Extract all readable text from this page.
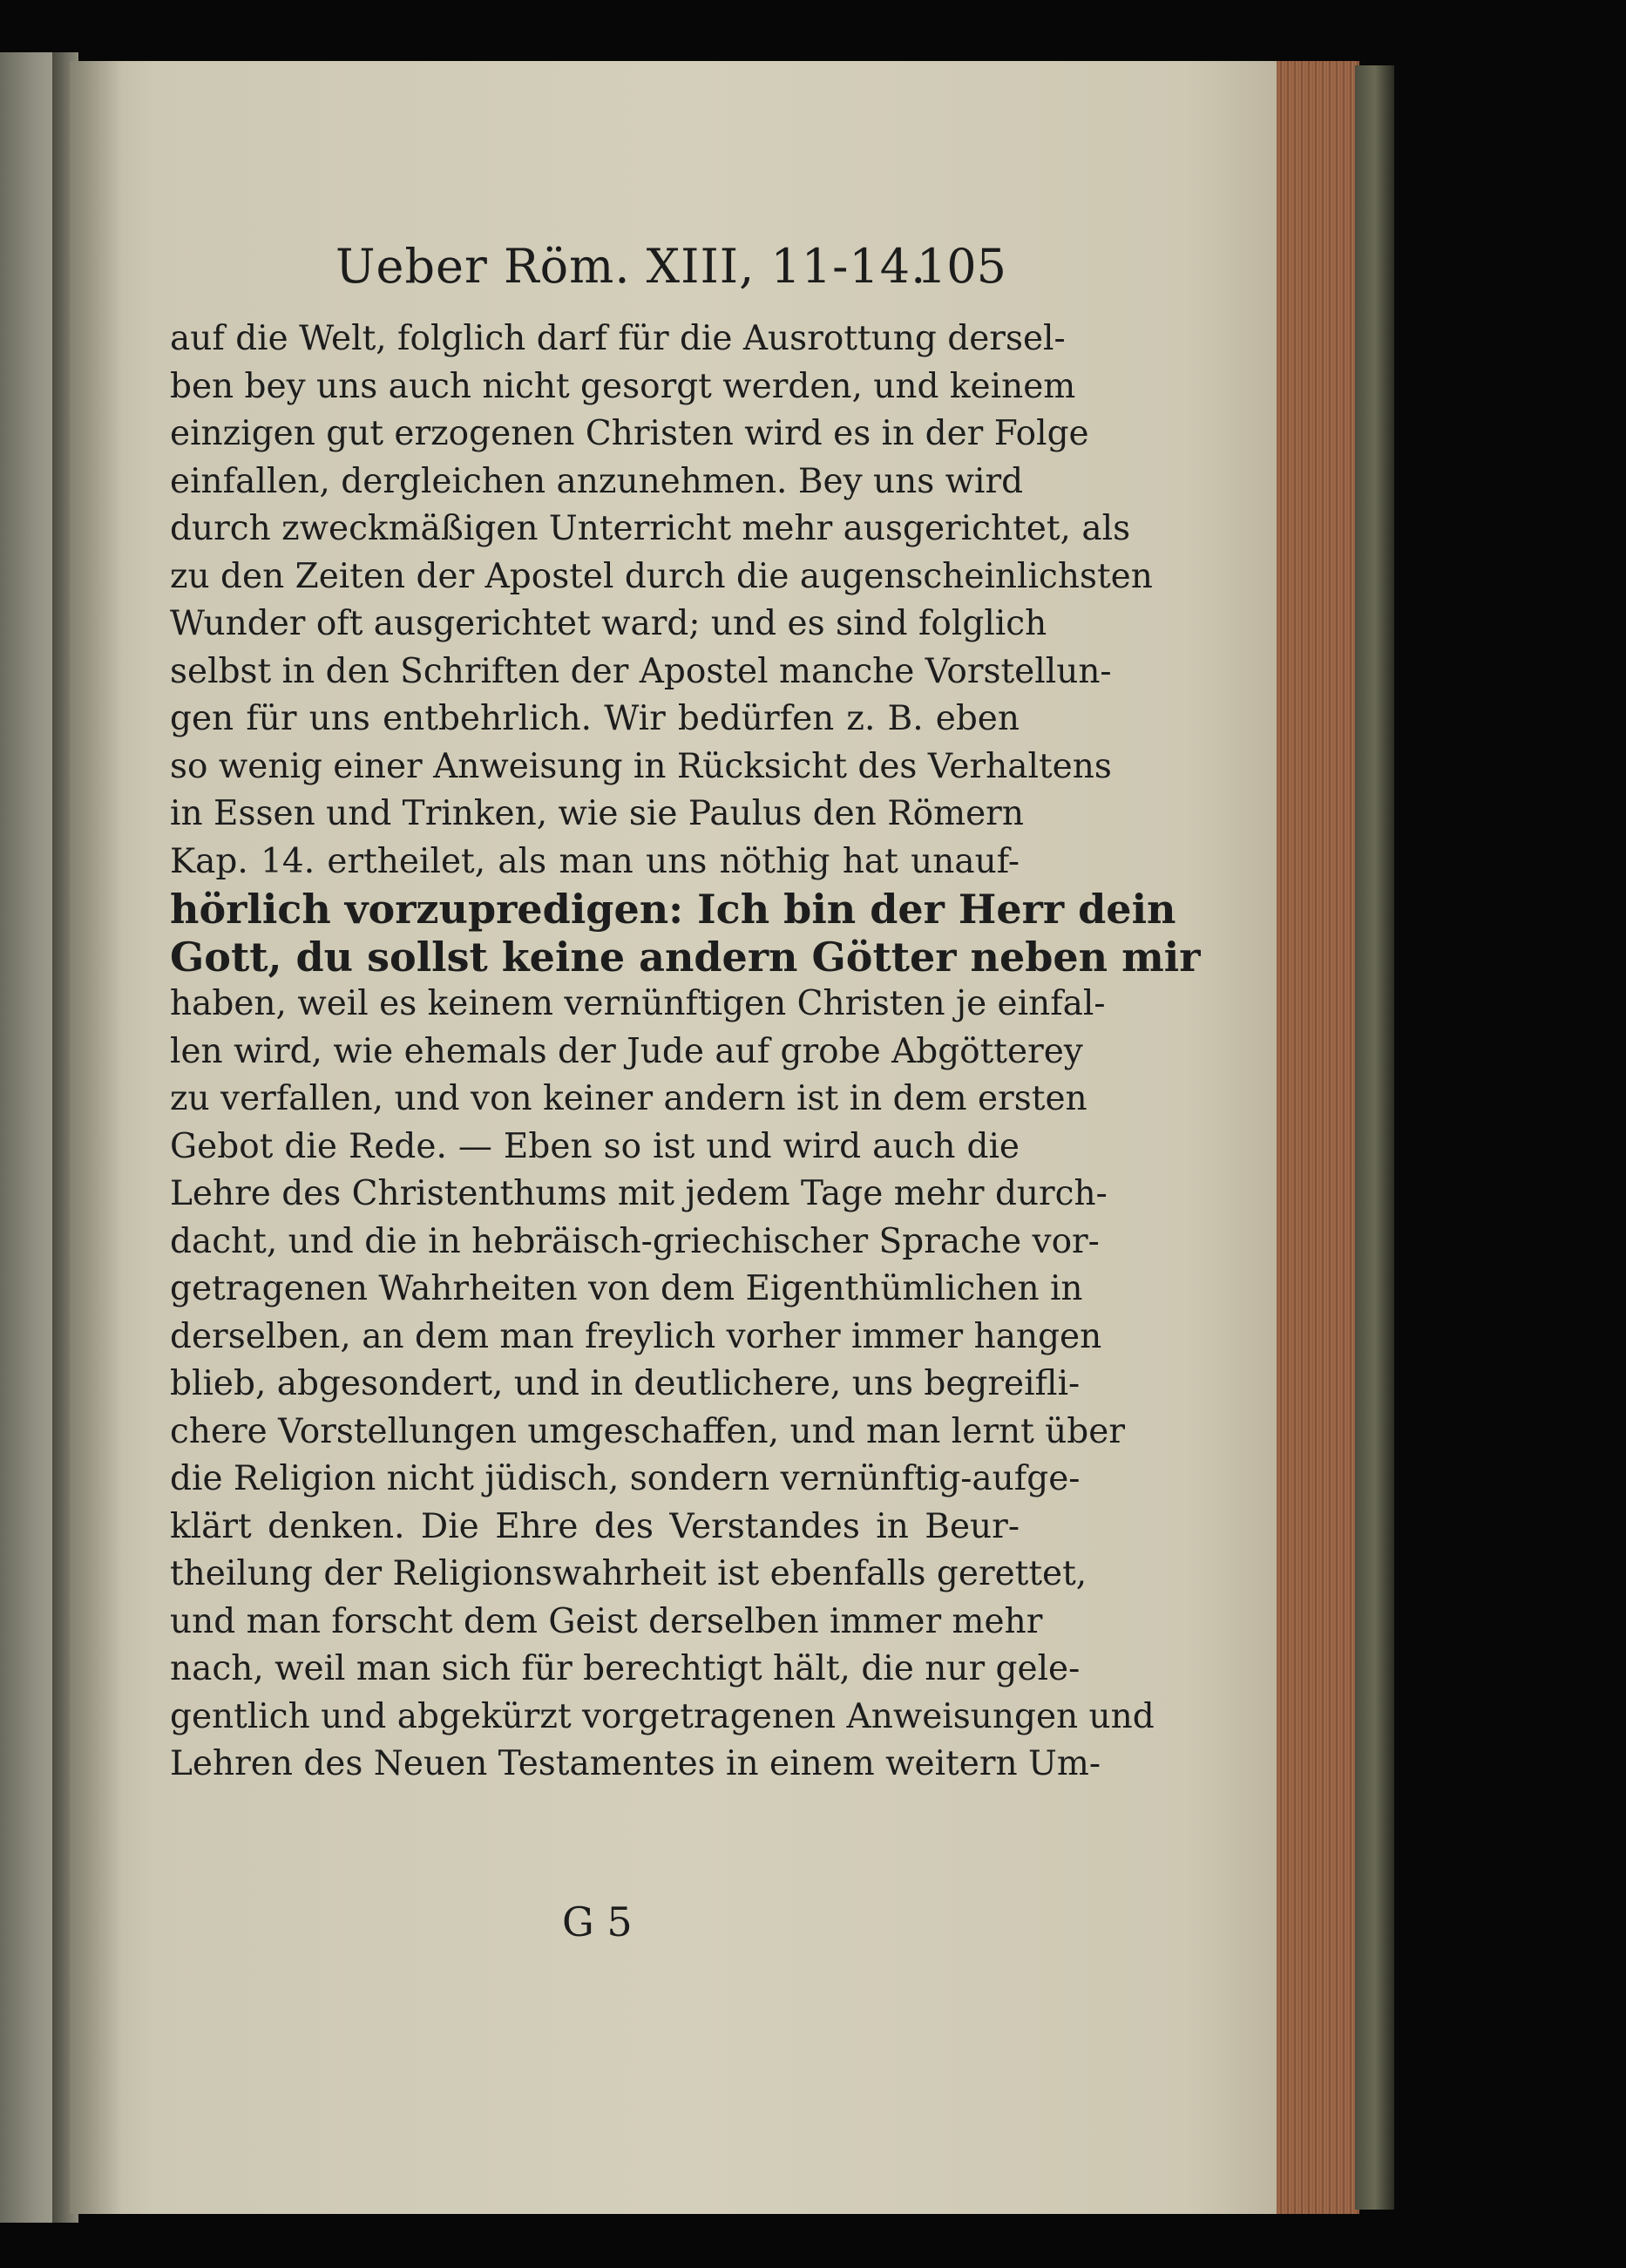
Ueber Röm. XIII, 11-14.
105
auf die Welt, folglich darf für die Ausrottung dersel-
ben bey uns auch nicht gesorgt werden, und keinem
einzigen gut erzogenen Christen wird es in der Folge
einfallen, dergleichen anzunehmen. Bey uns wird
durch zweckmäßigen Unterricht mehr ausgerichtet, als
zu den Zeiten der Apostel durch die augenscheinlichsten
Wunder oft ausgerichtet ward; und es sind folglich
selbst in den Schriften der Apostel manche Vorstellun-
gen für uns entbehrlich. Wir bedürfen z. B. eben
so wenig einer Anweisung in Rücksicht des Verhaltens
in Essen und Trinken, wie sie Paulus den Römern
Kap. 14. ertheilet, als man uns nöthig hat unauf-
hörlich vorzupredigen: Ich bin der Herr dein
Gott, du sollst keine andern Götter neben mir
haben, weil es keinem vernünftigen Christen je einfal-
len wird, wie ehemals der Jude auf grobe Abgötterey
zu verfallen, und von keiner andern ist in dem ersten
Gebot die Rede. — Eben so ist und wird auch die
Lehre des Christenthums mit jedem Tage mehr durch-
dacht, und die in hebräisch-griechischer Sprache vor-
getragenen Wahrheiten von dem Eigenthümlichen in
derselben, an dem man freylich vorher immer hangen
blieb, abgesondert, und in deutlichere, uns begreifli-
chere Vorstellungen umgeschaffen, und man lernt über
die Religion nicht jüdisch, sondern vernünftig-aufge-
klärt denken. Die Ehre des Verstandes in Beur-
theilung der Religionswahrheit ist ebenfalls gerettet,
und man forscht dem Geist derselben immer mehr
nach, weil man sich für berechtigt hält, die nur gele-
gentlich und abgekürzt vorgetragenen Anweisungen und
Lehren des Neuen Testamentes in einem weitern Um-
G 5
